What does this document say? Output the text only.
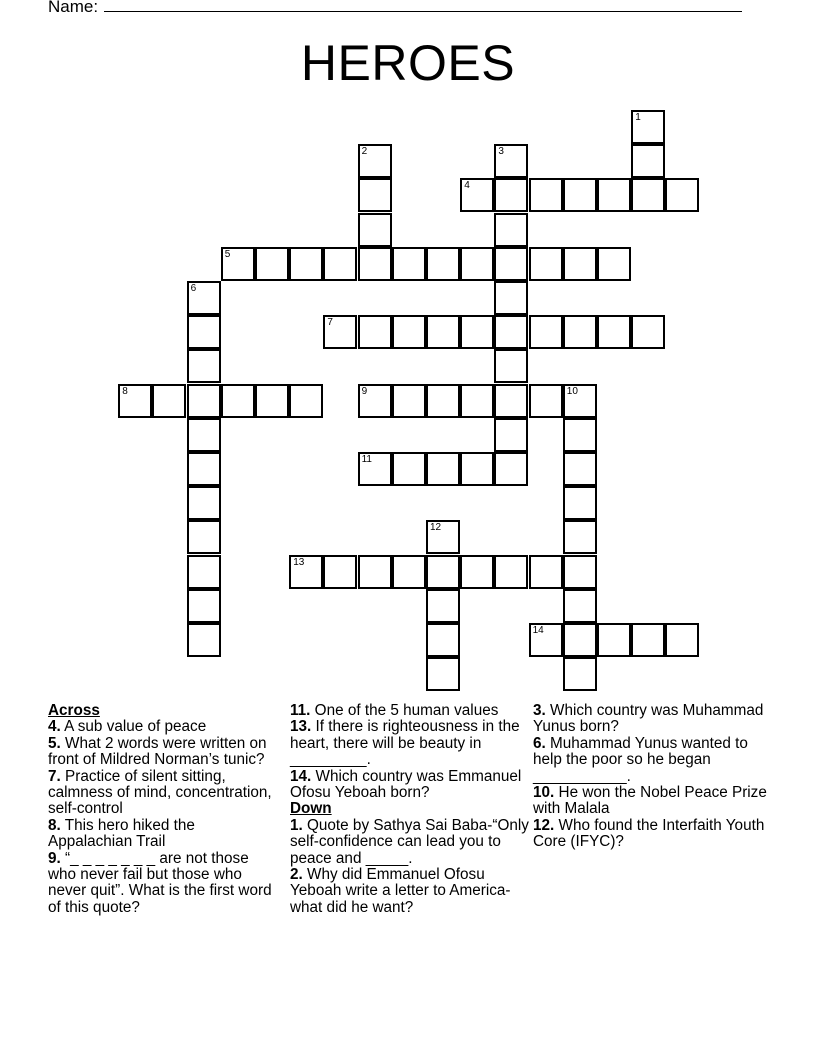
Name:
HEROES
1
2	3
4
5
6
7
8	9	10
11
12
13
14

Across

4. A sub value of peace

5. What 2 words were written on front of Mildred Norman’s tunic?

7. Practice of silent sitting, calmness of mind, concentration, self-control

8. This hero hiked the Appalachian Trail

9. “_ _ _ _ _ _ _ are not those who never fail but those who never quit”. What is the first word of this quote?

11. One of the 5 human values

13. If there is righteousness in the heart, there will be beauty in _________.

14. Which country was Emmanuel Ofosu Yeboah born?

Down

1. Quote by Sathya Sai Baba-“Only self-confidence can lead you to peace and _____.

2. Why did Emmanuel Ofosu Yeboah write a letter to America- what did he want?

3. Which country was Muhammad Yunus born?

6. Muhammad Yunus wanted to help the poor so he began ___________.

10. He won the Nobel Peace Prize with Malala

12. Who found the Interfaith Youth Core (IFYC)?
